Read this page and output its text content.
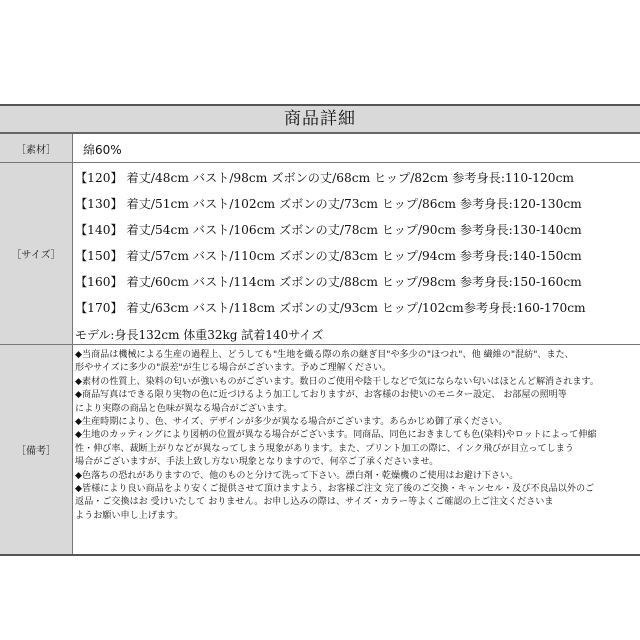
商品詳細
［素材］	綿60%
［サイズ］
【120】 着丈/48cm バスト/98cm ズボンの丈/68cm ヒップ/82cm 参考身長:110-120cm
【130】 着丈/51cm バスト/102cm ズボンの丈/73cm ヒップ/86cm 参考身長:120-130cm
【140】 着丈/54cm バスト/106cm ズボンの丈/78cm ヒップ/90cm 参考身長:130-140cm
【150】 着丈/57cm バスト/110cm ズボンの丈/83cm ヒップ/94cm 参考身長:140-150cm
【160】 着丈/60cm バスト/114cm ズボンの丈/88cm ヒップ/98cm 参考身長:150-160cm
【170】 着丈/63cm バスト/118cm ズボンの丈/93cm ヒップ/102cm参考身長:160-170cm
モデル:身長132cm 体重32kg 試着140サイズ
［備考］

◆当商品は機械による生産の過程上、どうしても"生地を織る際の糸の継ぎ目"や多少の"ほつれ"、他 繊維の"混紡"、また、

形やサイズに多少の"誤差"が生じる場合がございます。予めご理解ください。

◆素材の性質上、染料の匂いが強いものがございます。数日のご使用や陰干しなどで気にならない匂いはほとんど解消されます。

◆商品写真はできる限り実物の色に近づけるよう加工しておりますが、お客様のお使いのモニター設定、 お部屋の照明等

により実際の商品と色味が異なる場合がございます。

◆生産時期により、色、サイズ、デザインが多少が異なる場合がございます。あらかじめ御了承ください。

◆生地のカッティングにより図柄の位置が異なる場合がございます。同商品、同色におきましても色(染料)やロットによって伸縮

性・伸び率、裁断上がりなどが異なってしまう現象があります。また、プリント加工の際に、インク飛びが目立ってしまう

場合がございますが、手法上致し方ない現象となりますので、何卒ご了承くださいませ。

◆色落ちの恐れがありますので、他のものと分けて洗って下さい。漂白剤・乾燥機のご使用はお避け下さい。

◆皆様により良い商品をより安くご提供させて頂けますよう、お客様ご注文 完了後のご交換・キャンセル・及び不良品以外のご

返品・ご交換はお 受けいたして おりません。お申し込みの際は、サイズ・カラー等よくご確認の上ご注文くださいま

ようお願い申し上げます。
